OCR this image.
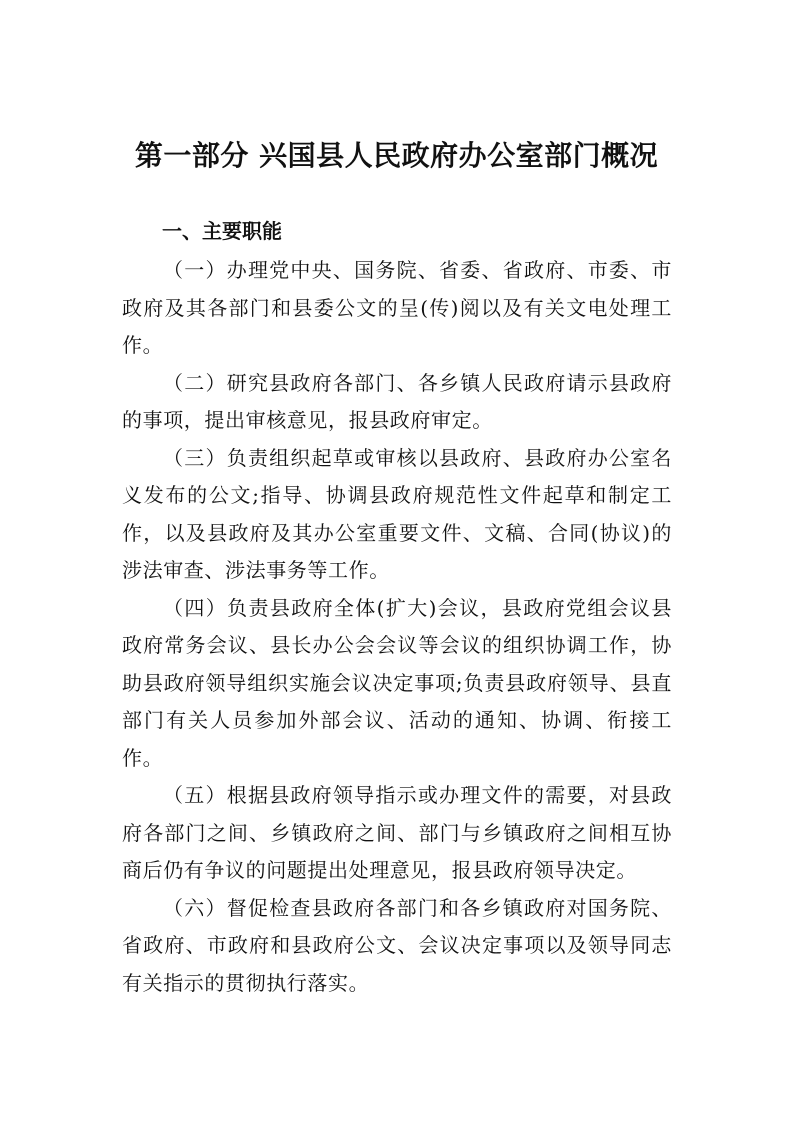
第一部分 兴国县人民政府办公室部门概况
一、主要职能

（一）办理党中央、国务院、省委、省政府、市委、市政府及其各部门和县委公文的呈(传)阅以及有关文电处理工作。

（二）研究县政府各部门、各乡镇人民政府请示县政府的事项，提出审核意见，报县政府审定。

（三）负责组织起草或审核以县政府、县政府办公室名义发布的公文;指导、协调县政府规范性文件起草和制定工作，以及县政府及其办公室重要文件、文稿、合同(协议)的涉法审查、涉法事务等工作。

（四）负责县政府全体(扩大)会议，县政府党组会议县政府常务会议、县长办公会会议等会议的组织协调工作，协助县政府领导组织实施会议决定事项;负责县政府领导、县直部门有关人员参加外部会议、活动的通知、协调、衔接工作。

（五）根据县政府领导指示或办理文件的需要，对县政府各部门之间、乡镇政府之间、部门与乡镇政府之间相互协商后仍有争议的问题提出处理意见，报县政府领导决定。

（六）督促检查县政府各部门和各乡镇政府对国务院、省政府、市政府和县政府公文、会议决定事项以及领导同志有关指示的贯彻执行落实。
